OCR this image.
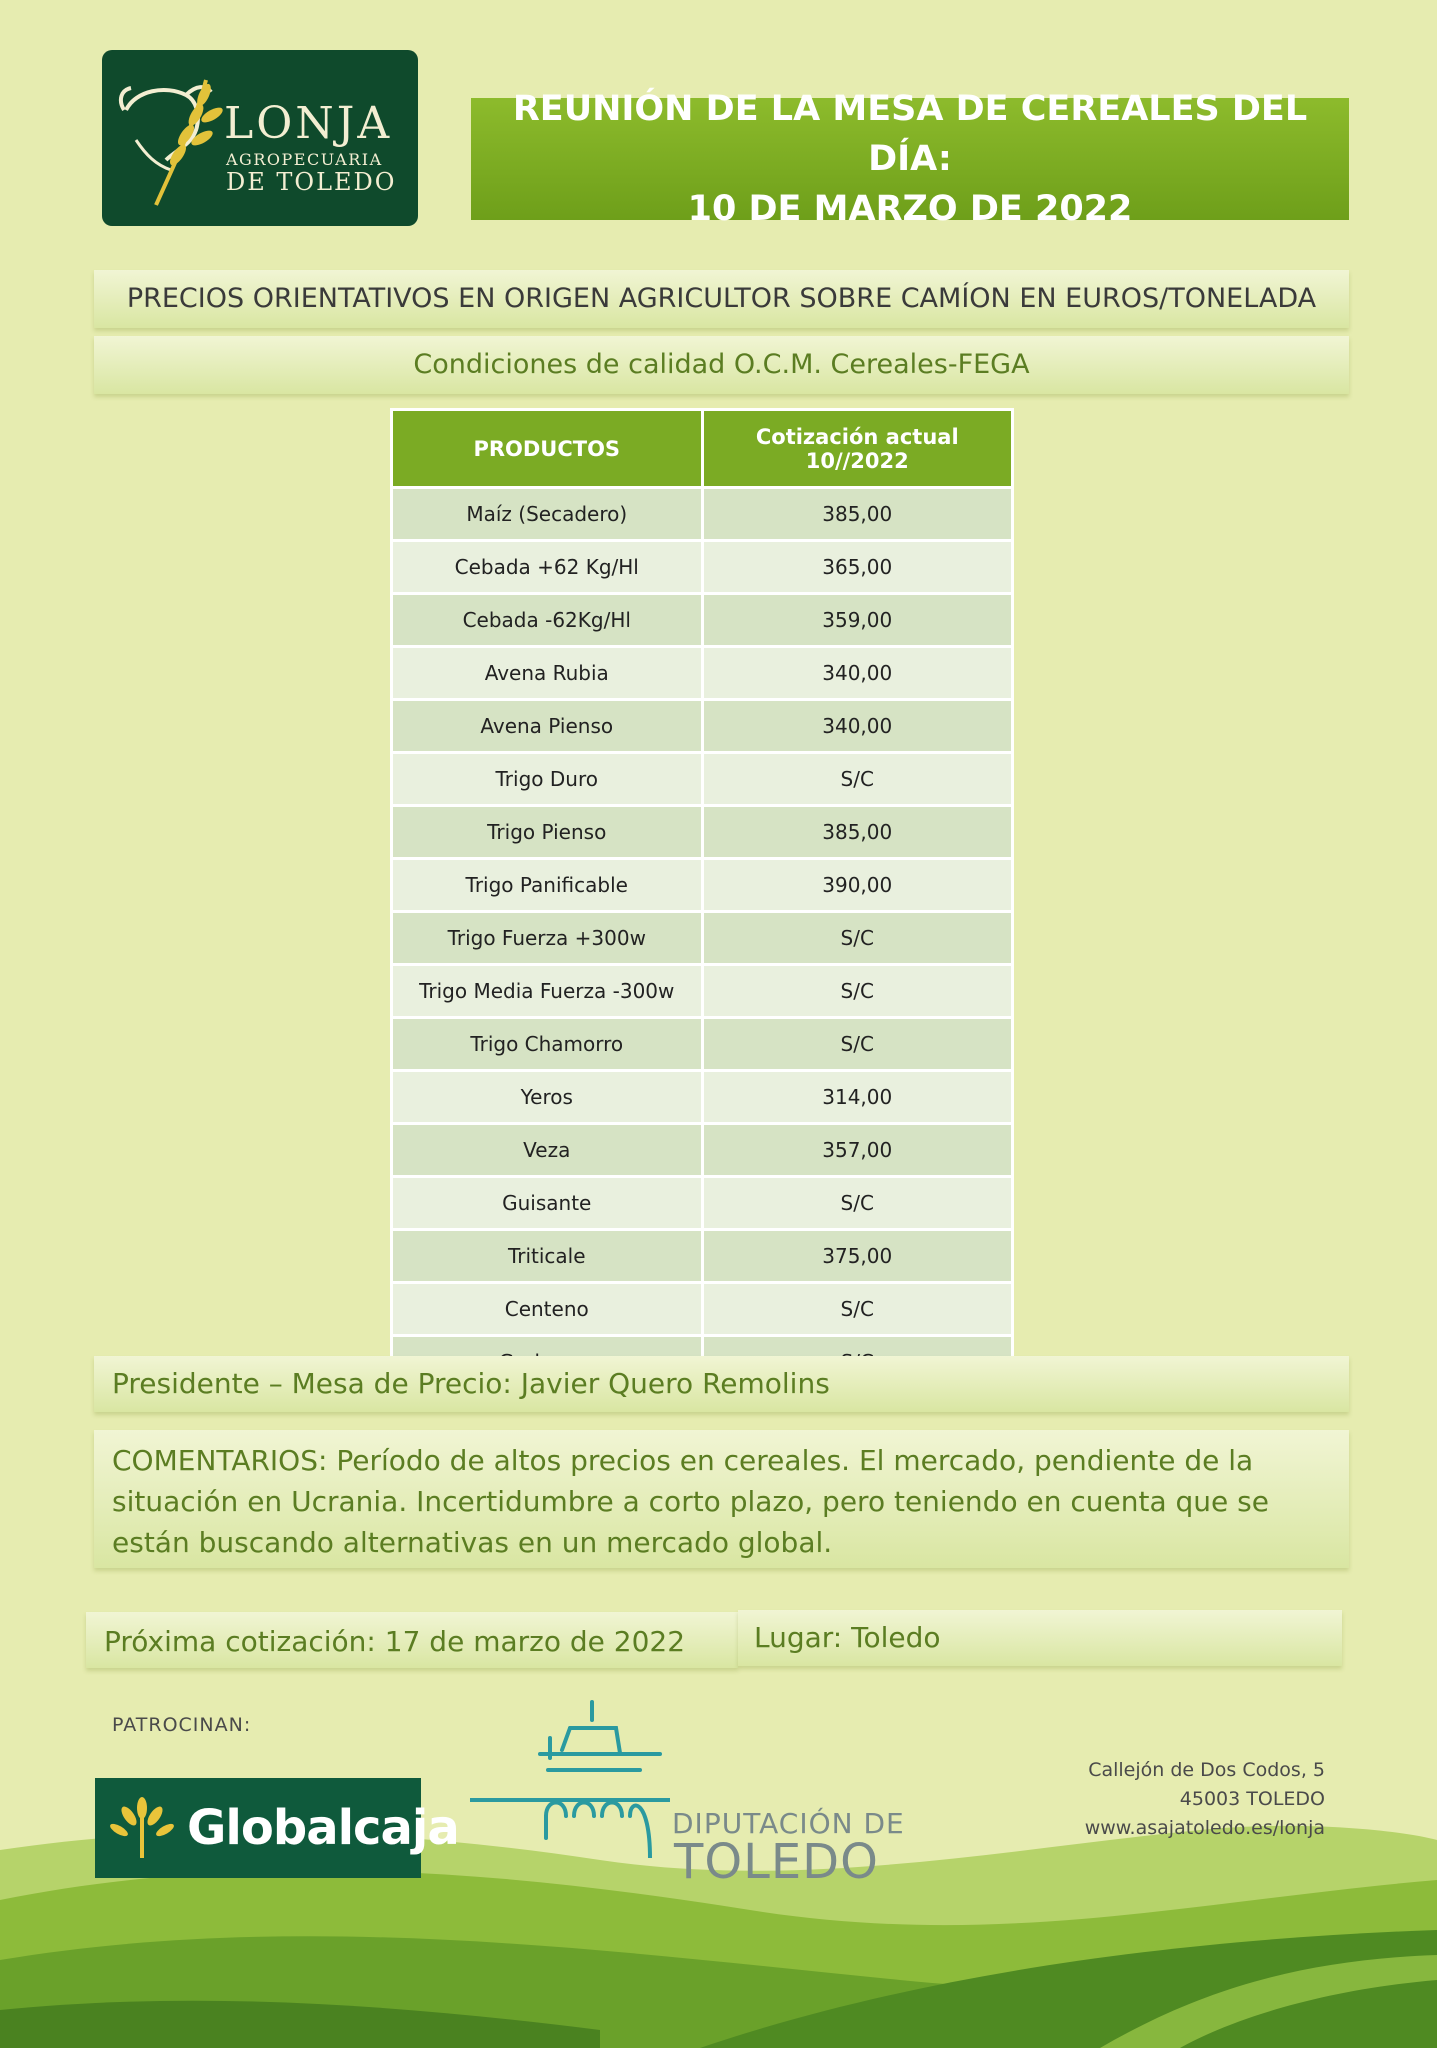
LONJA
AGROPECUARIA
DE TOLEDO
REUNIÓN DE LA MESA DE CEREALES DEL DÍA:
10 DE MARZO DE 2022
PRECIOS ORIENTATIVOS EN ORIGEN AGRICULTOR SOBRE CAMÍON EN EUROS/TONELADA
Condiciones de calidad O.C.M. Cereales-FEGA
PRODUCTOS	Cotización actual
10//2022

Maíz (Secadero)	385,00
Cebada +62 Kg/Hl	365,00
Cebada -62Kg/Hl	359,00
Avena Rubia	340,00
Avena Pienso	340,00
Trigo Duro	S/C
Trigo Pienso	385,00
Trigo Panificable	390,00
Trigo Fuerza +300w	S/C
Trigo Media Fuerza -300w	S/C
Trigo Chamorro	S/C
Yeros	314,00
Veza	357,00
Guisante	S/C
Triticale	375,00
Centeno	S/C

Presidente – Mesa de Precio: Javier Quero Remolins
COMENTARIOS: Período de altos precios en cereales. El mercado, pendiente de la situación en Ucrania. Incertidumbre a corto plazo, pero teniendo en cuenta que se están buscando alternativas en un mercado global.
Próxima cotización: 17 de marzo de 2022	Lugar: Toledo
PATROCINAN:
Globalcaja	DIPUTACIÓN DE
TOLEDO
Callejón de Dos Codos, 5
45003 TOLEDO
www.asajatoledo.es/lonja
